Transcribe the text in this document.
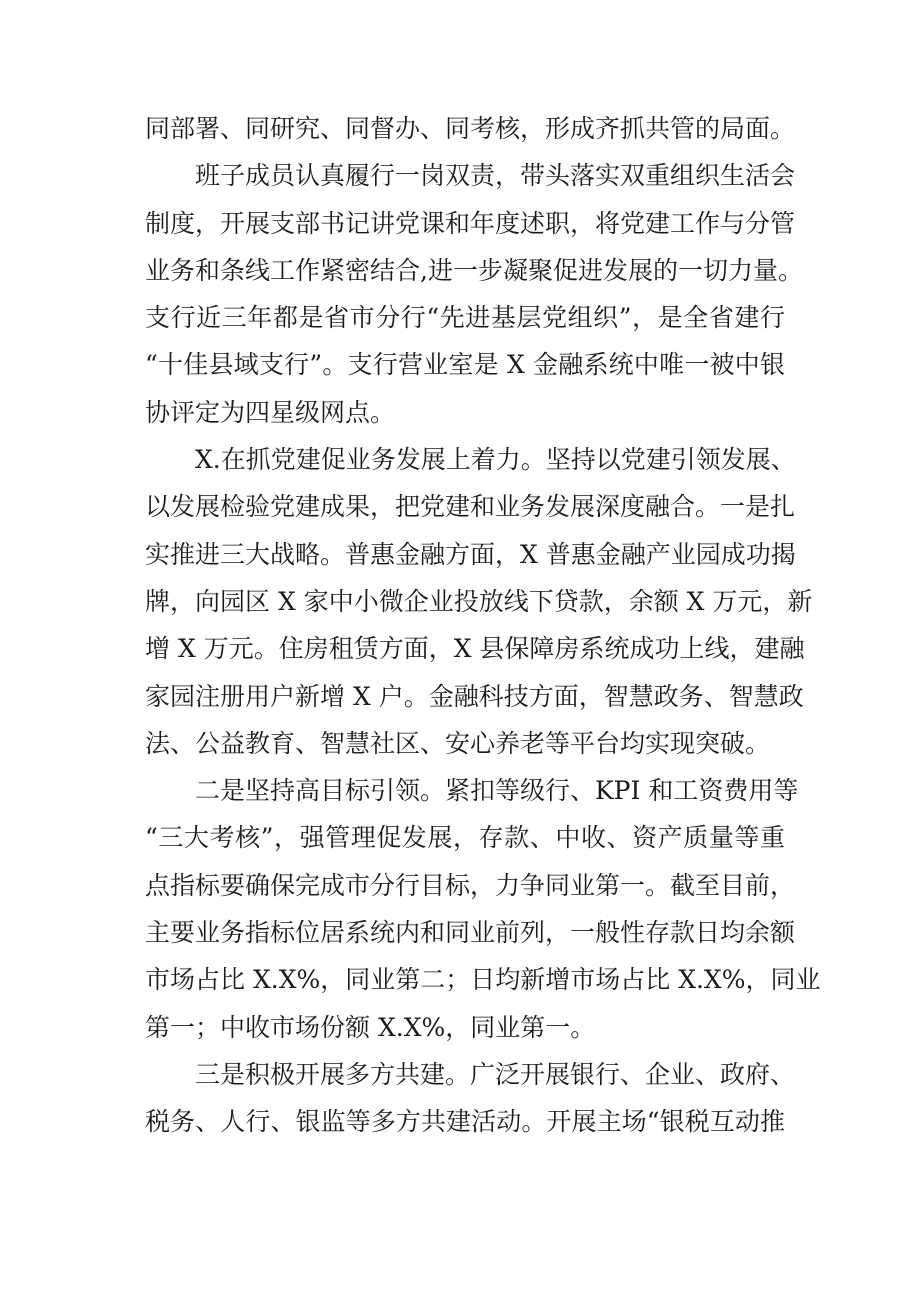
同部署、同研究、同督办、同考核，形成齐抓共管的局面。
班子成员认真履行一岗双责，带头落实双重组织生活会
制度，开展支部书记讲党课和年度述职，将党建工作与分管
业务和条线工作紧密结合,进一步凝聚促进发展的一切力量。
支行近三年都是省市分行“先进基层党组织”，是全省建行
“十佳县域支行”。支行营业室是 X 金融系统中唯一被中银
协评定为四星级网点。
X.在抓党建促业务发展上着力。坚持以党建引领发展、
以发展检验党建成果，把党建和业务发展深度融合。一是扎
实推进三大战略。普惠金融方面，X 普惠金融产业园成功揭
牌，向园区 X 家中小微企业投放线下贷款，余额 X 万元，新
增 X 万元。住房租赁方面，X 县保障房系统成功上线，建融
家园注册用户新增 X 户。金融科技方面，智慧政务、智慧政
法、公益教育、智慧社区、安心养老等平台均实现突破。
二是坚持高目标引领。紧扣等级行、KPI 和工资费用等
“三大考核”，强管理促发展，存款、中收、资产质量等重
点指标要确保完成市分行目标，力争同业第一。截至目前，
主要业务指标位居系统内和同业前列，一般性存款日均余额
市场占比 X.X%，同业第二；日均新增市场占比 X.X%，同业
第一；中收市场份额 X.X%，同业第一。
三是积极开展多方共建。广泛开展银行、企业、政府、
税务、人行、银监等多方共建活动。开展主场“银税互动推
